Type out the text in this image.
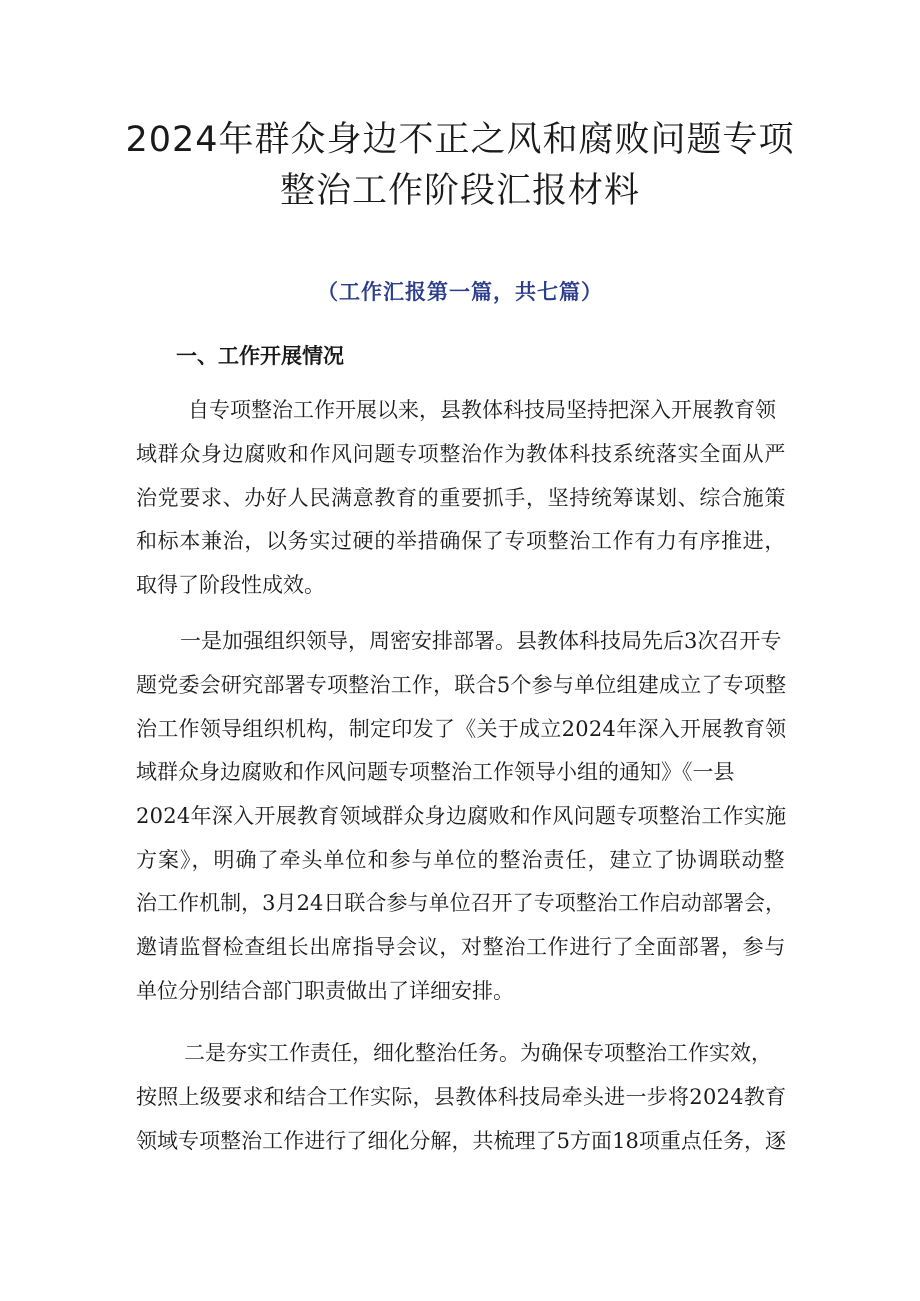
2024年群众身边不正之风和腐败问题专项
整治工作阶段汇报材料
（工作汇报第一篇，共七篇）
一、工作开展情况
自专项整治工作开展以来，县教体科技局坚持把深入开展教育领
域群众身边腐败和作风问题专项整治作为教体科技系统落实全面从严
治党要求、办好人民满意教育的重要抓手，坚持统筹谋划、综合施策
和标本兼治，以务实过硬的举措确保了专项整治工作有力有序推进，
取得了阶段性成效。
一是加强组织领导，周密安排部署。县教体科技局先后3次召开专
题党委会研究部署专项整治工作，联合5个参与单位组建成立了专项整
治工作领导组织机构，制定印发了《关于成立2024年深入开展教育领
域群众身边腐败和作风问题专项整治工作领导小组的通知》《一县
2024年深入开展教育领域群众身边腐败和作风问题专项整治工作实施
方案》，明确了牵头单位和参与单位的整治责任，建立了协调联动整
治工作机制，3月24日联合参与单位召开了专项整治工作启动部署会，
邀请监督检查组长出席指导会议，对整治工作进行了全面部署，参与
单位分别结合部门职责做出了详细安排。
二是夯实工作责任，细化整治任务。为确保专项整治工作实效，
按照上级要求和结合工作实际，县教体科技局牵头进一步将2024教育
领域专项整治工作进行了细化分解，共梳理了5方面18项重点任务，逐
